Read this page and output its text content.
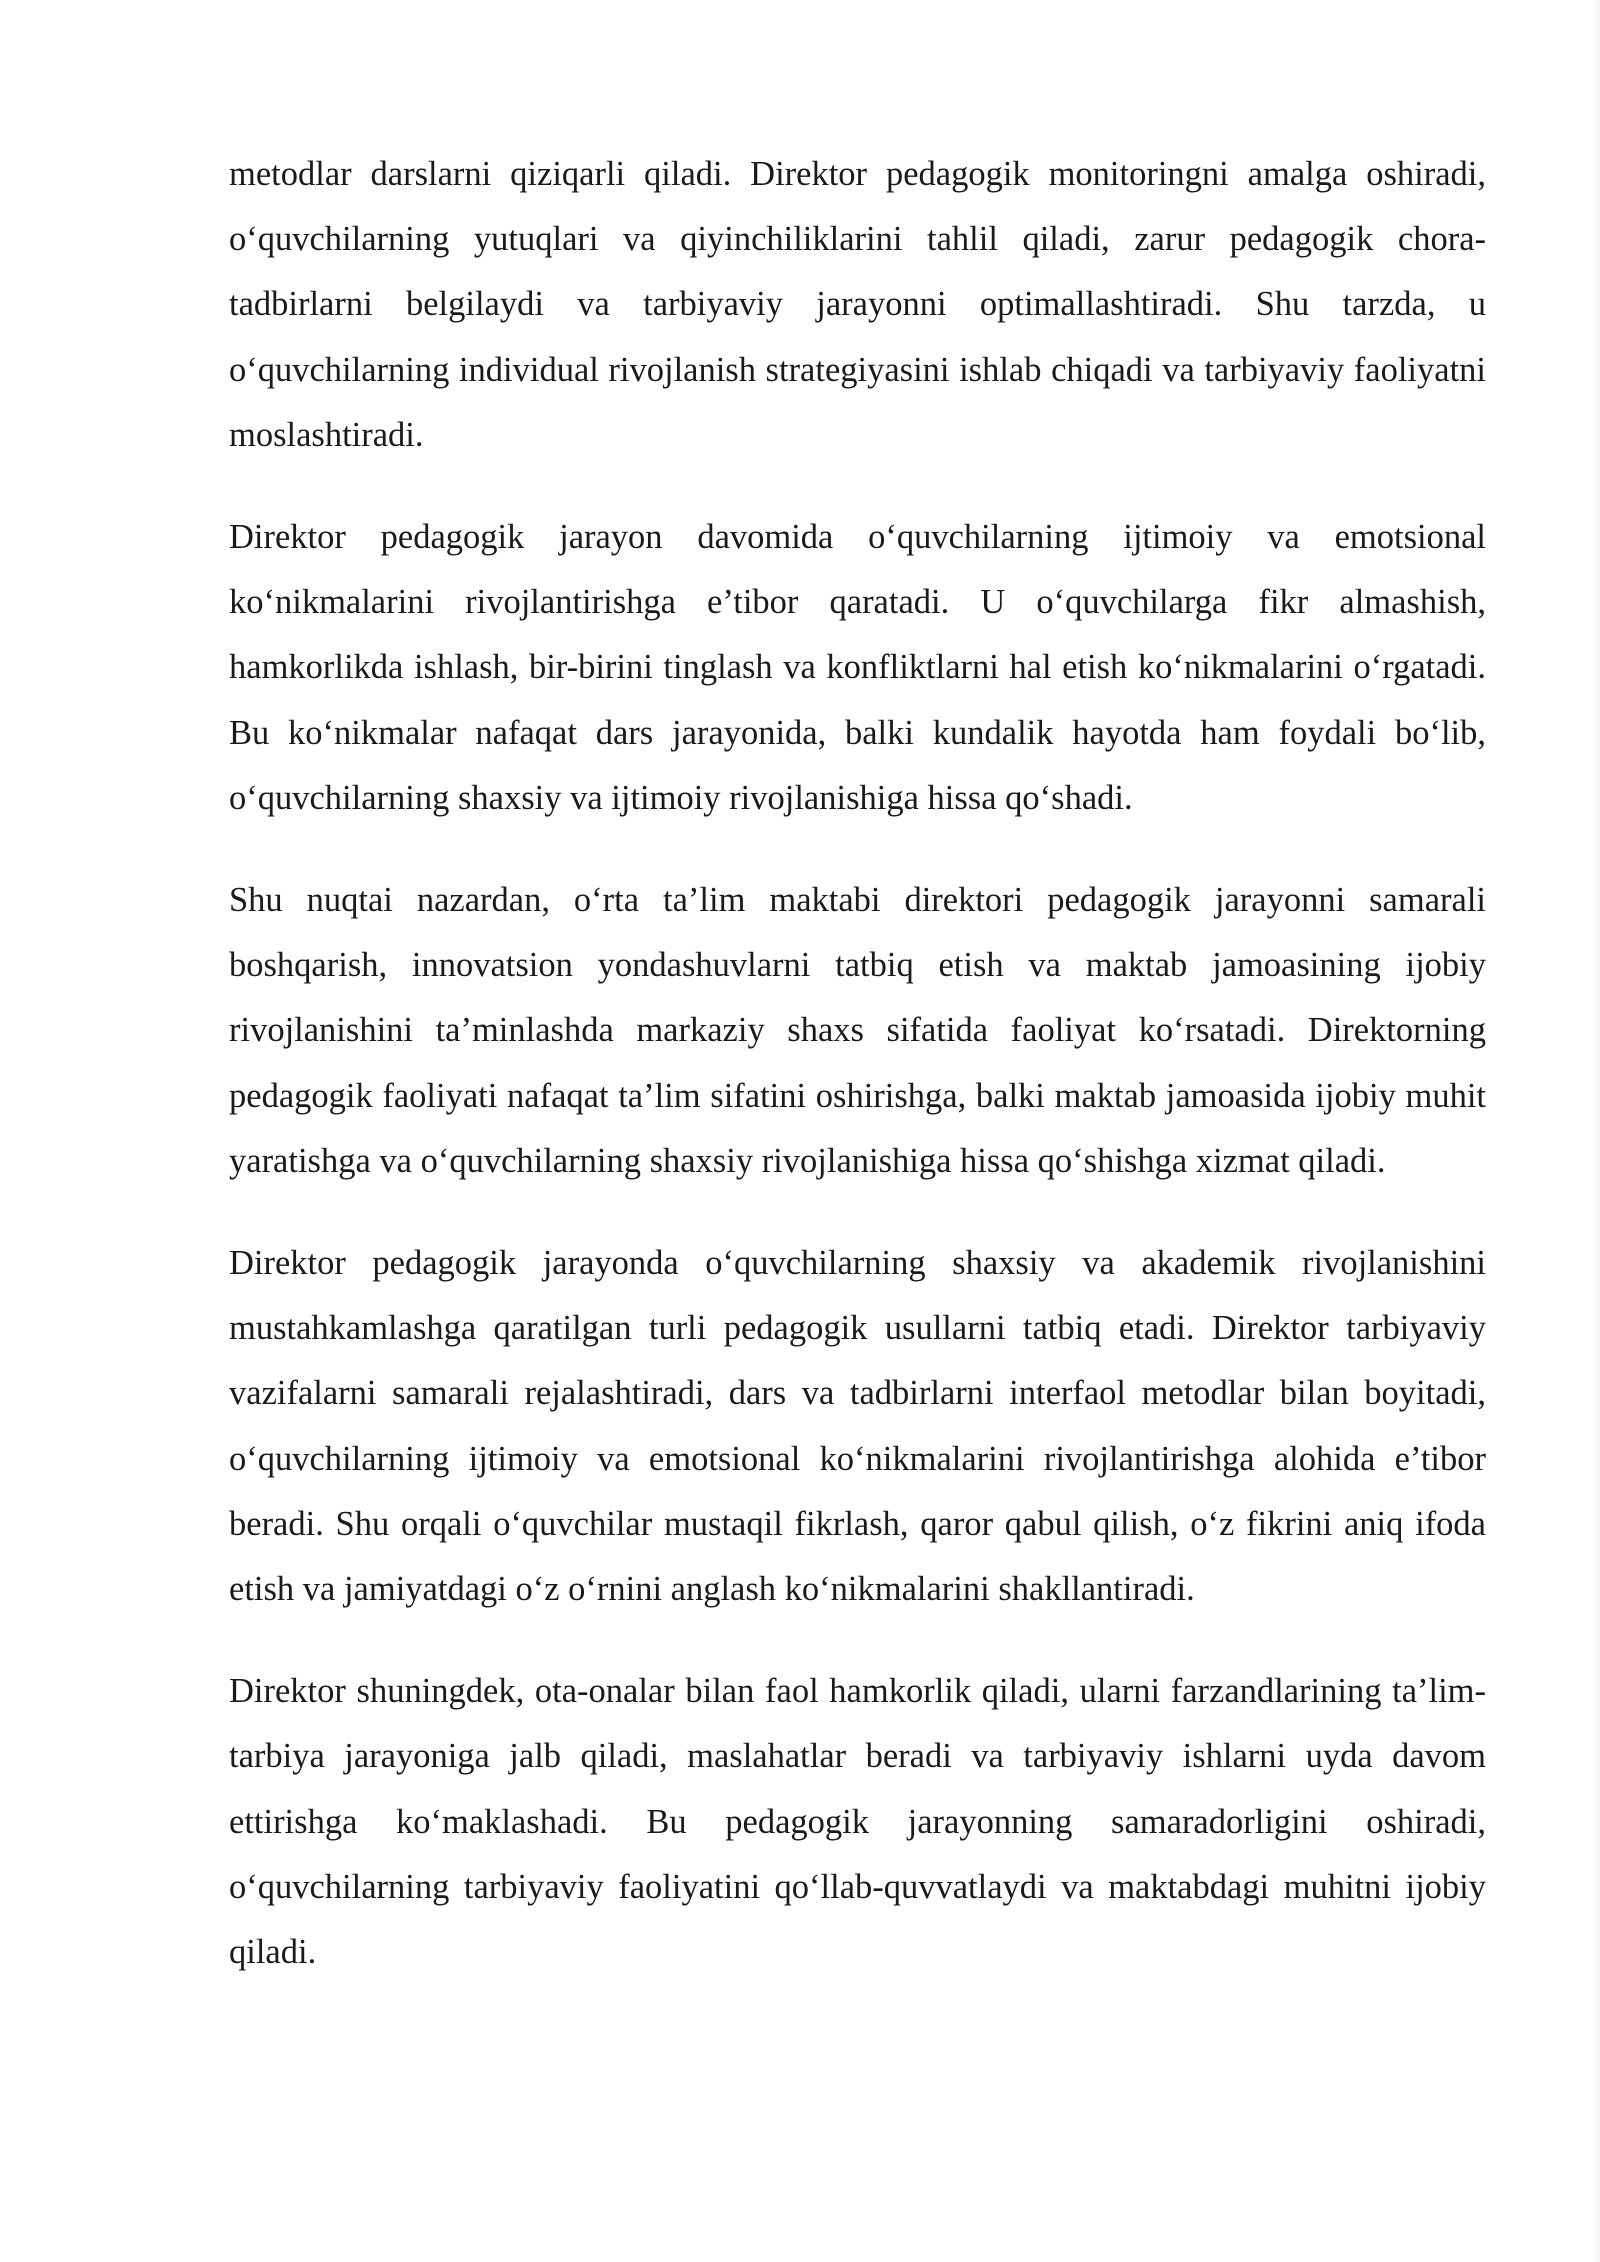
metodlar darslarni qiziqarli qiladi. Direktor pedagogik monitoringni amalga oshiradi, o‘quvchilarning yutuqlari va qiyinchiliklarini tahlil qiladi, zarur pedagogik chora-tadbirlarni belgilaydi va tarbiyaviy jarayonni optimallashtiradi. Shu tarzda, u o‘quvchilarning individual rivojlanish strategiyasini ishlab chiqadi va tarbiyaviy faoliyatni moslashtiradi.

Direktor pedagogik jarayon davomida o‘quvchilarning ijtimoiy va emotsional ko‘nikmalarini rivojlantirishga e’tibor qaratadi. U o‘quvchilarga fikr almashish, hamkorlikda ishlash, bir-birini tinglash va konfliktlarni hal etish ko‘nikmalarini o‘rgatadi. Bu ko‘nikmalar nafaqat dars jarayonida, balki kundalik hayotda ham foydali bo‘lib, o‘quvchilarning shaxsiy va ijtimoiy rivojlanishiga hissa qo‘shadi.

Shu nuqtai nazardan, o‘rta ta’lim maktabi direktori pedagogik jarayonni samarali boshqarish, innovatsion yondashuvlarni tatbiq etish va maktab jamoasining ijobiy rivojlanishini ta’minlashda markaziy shaxs sifatida faoliyat ko‘rsatadi. Direktorning pedagogik faoliyati nafaqat ta’lim sifatini oshirishga, balki maktab jamoasida ijobiy muhit yaratishga va o‘quvchilarning shaxsiy rivojlanishiga hissa qo‘shishga xizmat qiladi.

Direktor pedagogik jarayonda o‘quvchilarning shaxsiy va akademik rivojlanishini mustahkamlashga qaratilgan turli pedagogik usullarni tatbiq etadi. Direktor tarbiyaviy vazifalarni samarali rejalashtiradi, dars va tadbirlarni interfaol metodlar bilan boyitadi, o‘quvchilarning ijtimoiy va emotsional ko‘nikmalarini rivojlantirishga alohida e’tibor beradi. Shu orqali o‘quvchilar mustaqil fikrlash, qaror qabul qilish, o‘z fikrini aniq ifoda etish va jamiyatdagi o‘z o‘rnini anglash ko‘nikmalarini shakllantiradi.

Direktor shuningdek, ota-onalar bilan faol hamkorlik qiladi, ularni farzandlarining ta’lim-tarbiya jarayoniga jalb qiladi, maslahatlar beradi va tarbiyaviy ishlarni uyda davom ettirishga ko‘maklashadi. Bu pedagogik jarayonning samaradorligini oshiradi, o‘quvchilarning tarbiyaviy faoliyatini qo‘llab-quvvatlaydi va maktabdagi muhitni ijobiy qiladi.
